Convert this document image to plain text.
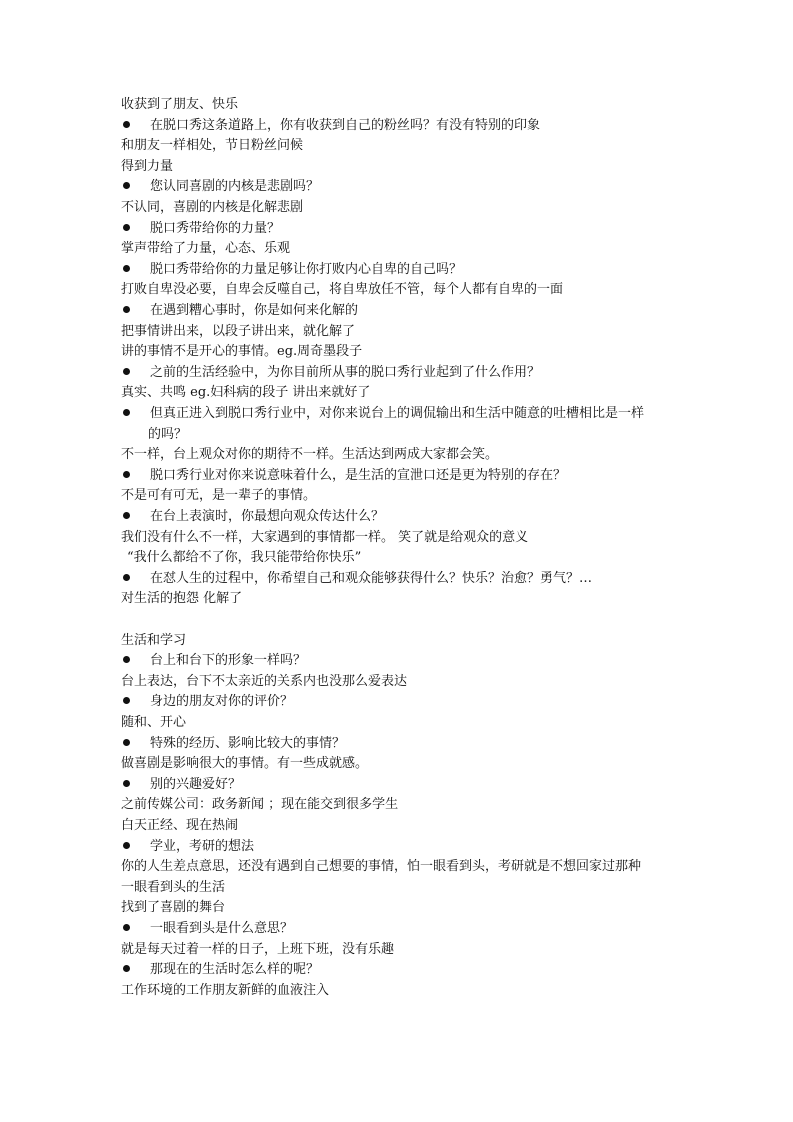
收获到了朋友、快乐
在脱口秀这条道路上，你有收获到自己的粉丝吗？有没有特别的印象
和朋友一样相处，节日粉丝问候
得到力量
您认同喜剧的内核是悲剧吗？
不认同，喜剧的内核是化解悲剧
脱口秀带给你的力量？
掌声带给了力量，心态、乐观
脱口秀带给你的力量足够让你打败内心自卑的自己吗？
打败自卑没必要，自卑会反噬自己，将自卑放任不管，每个人都有自卑的一面
在遇到糟心事时，你是如何来化解的
把事情讲出来，以段子讲出来，就化解了
讲的事情不是开心的事情。eg.周奇墨段子
之前的生活经验中，为你目前所从事的脱口秀行业起到了什么作用？
真实、共鸣 eg.妇科病的段子 讲出来就好了
但真正进入到脱口秀行业中，对你来说台上的调侃输出和生活中随意的吐槽相比是一样
的吗？
不一样，台上观众对你的期待不一样。生活达到两成大家都会笑。
脱口秀行业对你来说意味着什么，是生活的宣泄口还是更为特别的存在？
不是可有可无，是一辈子的事情。
在台上表演时，你最想向观众传达什么？
我们没有什么不一样，大家遇到的事情都一样。 笑了就是给观众的意义
“我什么都给不了你，我只能带给你快乐”
在怼人生的过程中，你希望自己和观众能够获得什么？快乐？治愈？勇气？…
对生活的抱怨 化解了
生活和学习
台上和台下的形象一样吗？
台上表达，台下不太亲近的关系内也没那么爱表达
身边的朋友对你的评价？
随和、开心
特殊的经历、影响比较大的事情？
做喜剧是影响很大的事情。有一些成就感。
别的兴趣爱好？
之前传媒公司：政务新闻 ；现在能交到很多学生
白天正经、现在热闹
学业，考研的想法
你的人生差点意思，还没有遇到自己想要的事情，怕一眼看到头，考研就是不想回家过那种
一眼看到头的生活
找到了喜剧的舞台
一眼看到头是什么意思？
就是每天过着一样的日子，上班下班，没有乐趣
那现在的生活时怎么样的呢？
工作环境的工作朋友新鲜的血液注入
